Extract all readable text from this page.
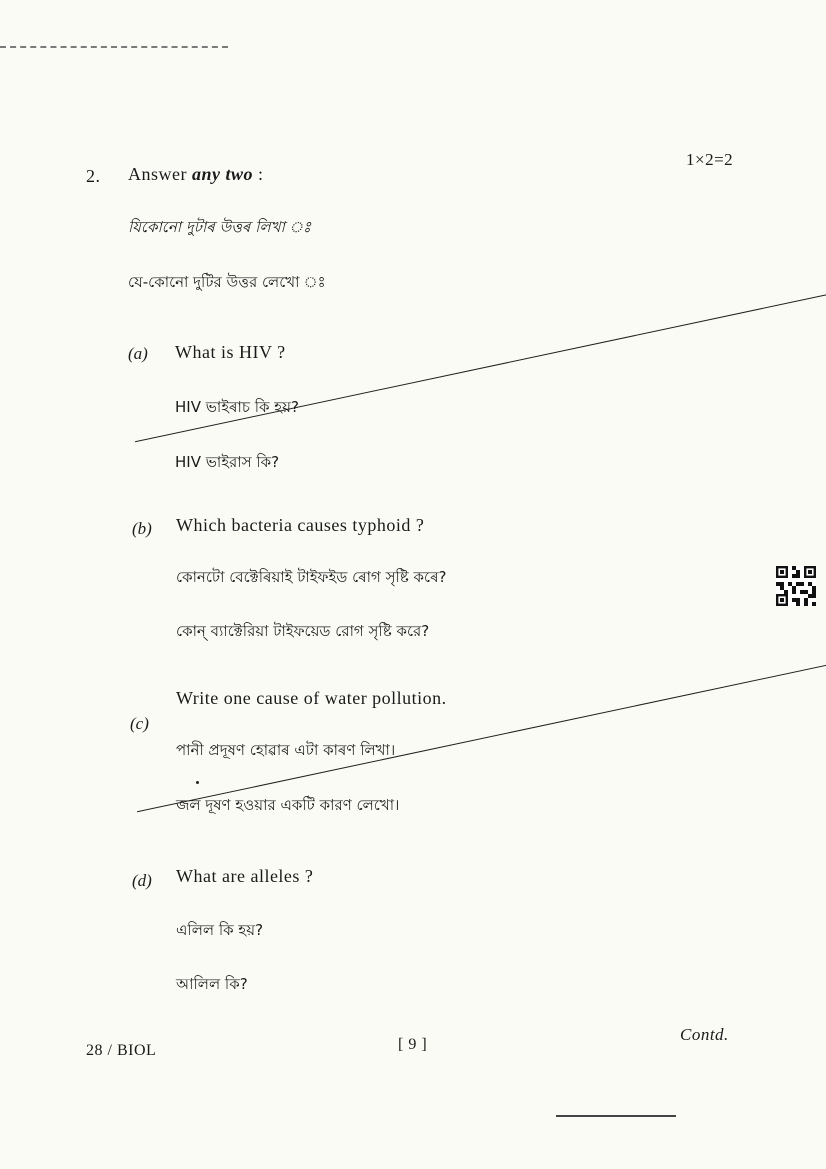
1×2=2
2. Answer any two :
যিকোনো দুটাৰ উত্তৰ লিখা ঃ
যে-কোনো দুটির উত্তর লেখো ঃ
(a)	What is HIV ?
HIV ভাইৰাচ কি হয়?
HIV ভাইরাস কি?
(b) Which bacteria causes typhoid ?
কোনটো বেক্টেৰিয়াই টাইফইড ৰোগ সৃষ্টি কৰে?
কোন্ ব্যাক্টেরিয়া টাইফয়েড রোগ সৃষ্টি করে?
(c)
Write one cause of water pollution.
পানী প্ৰদূষণ হোৱাৰ এটা কাৰণ লিখা।
জল দূষণ হওয়ার একটি কারণ লেখো।
(d) What are alleles ?
এলিল কি হয়?
আলিল কি?
28 / BIOL	[ 9 ]
Contd.
